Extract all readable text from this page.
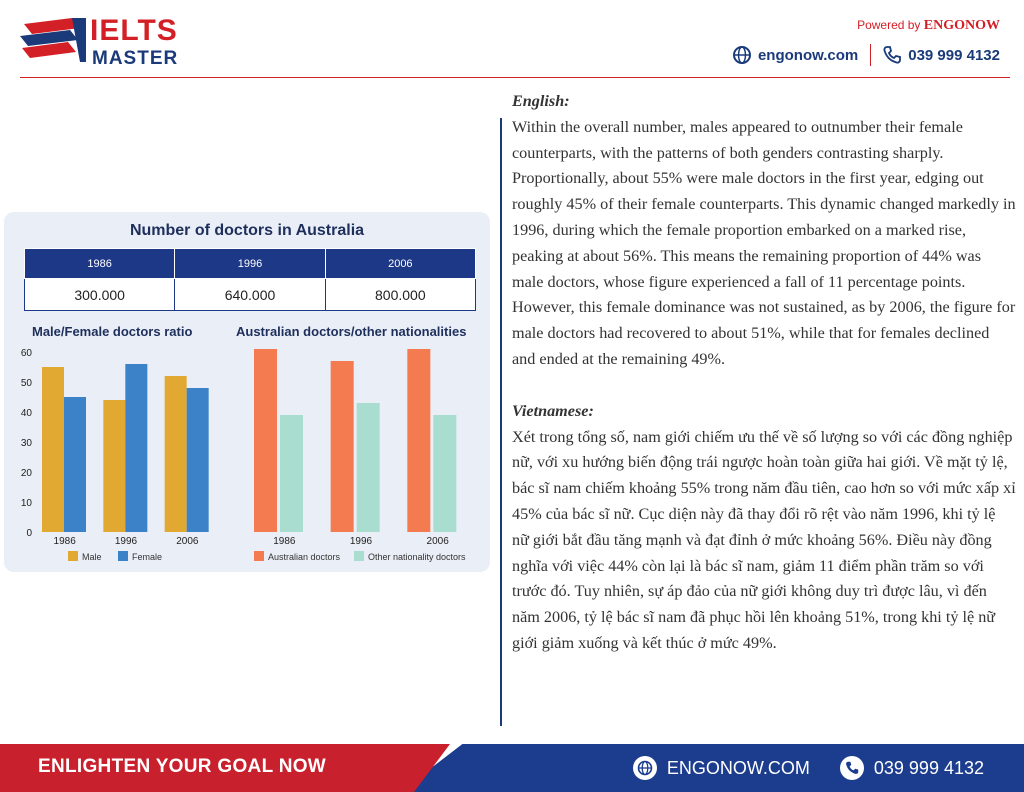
IELTS
MASTER
Powered by ENGONOW
engonow.com	039 999 4132
Number of doctors in Australia
1986	1996	2006
300.000	640.000	800.000
Male/Female doctors ratio	Australian doctors/other nationalities
0
10
20
30
40
50
60
1986	1996	2006
Male	Female
1986	1996	2006
Australian doctors	Other nationality doctors
English:

Within the overall number, males appeared to outnumber their female counterparts, with the patterns of both genders contrasting sharply. Proportionally, about 55% were male doctors in the first year, edging out roughly 45% of their female counterparts. This dynamic changed markedly in 1996, during which the female proportion embarked on a marked rise, peaking at about 56%. This means the remaining proportion of 44% was male doctors, whose figure experienced a fall of 11 percentage points. However, this female dominance was not sustained, as by 2006, the figure for male doctors had recovered to about 51%, while that for females declined and ended at the remaining 49%.

Vietnamese:

Xét trong tổng số, nam giới chiếm ưu thế về số lượng so với các đồng nghiệp nữ, với xu hướng biến động trái ngược hoàn toàn giữa hai giới. Về mặt tỷ lệ, bác sĩ nam chiếm khoảng 55% trong năm đầu tiên, cao hơn so với mức xấp xỉ 45% của bác sĩ nữ. Cục diện này đã thay đổi rõ rệt vào năm 1996, khi tỷ lệ nữ giới bắt đầu tăng mạnh và đạt đỉnh ở mức khoảng 56%. Điều này đồng nghĩa với việc 44% còn lại là bác sĩ nam, giảm 11 điểm phần trăm so với trước đó. Tuy nhiên, sự áp đảo của nữ giới không duy trì được lâu, vì đến năm 2006, tỷ lệ bác sĩ nam đã phục hồi lên khoảng 51%, trong khi tỷ lệ nữ giới giảm xuống và kết thúc ở mức 49%.

ENLIGHTEN YOUR GOAL NOW	ENGONOW.COM	039 999 4132
